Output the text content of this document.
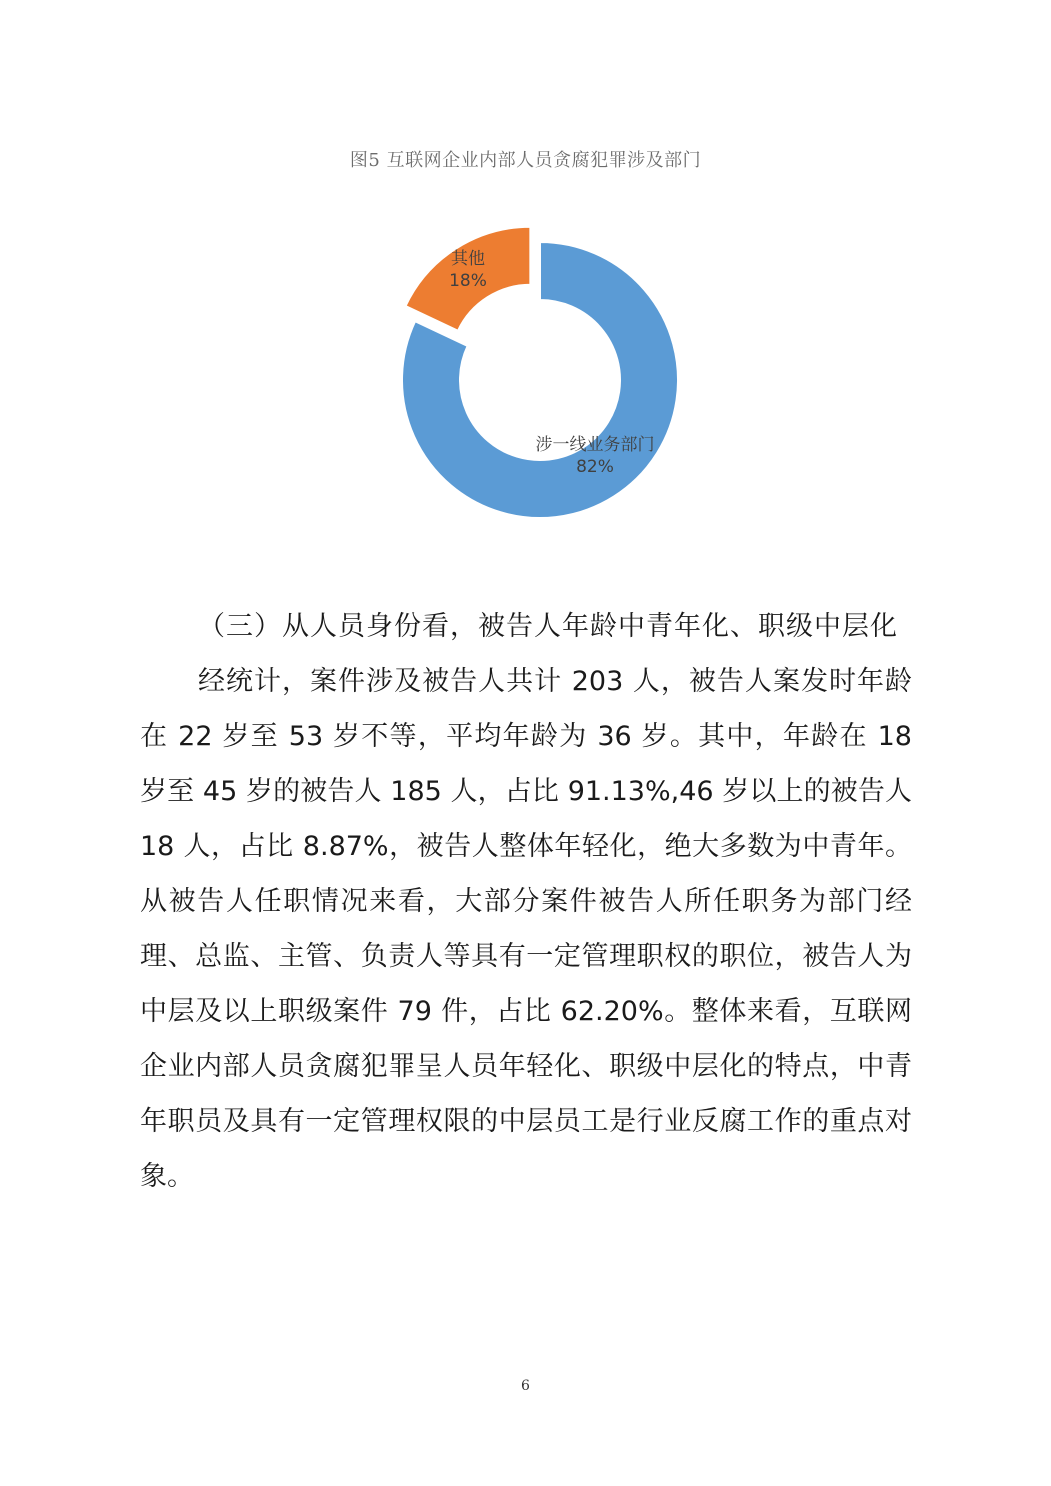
图5 互联网企业内部人员贪腐犯罪涉及部门
其他
18%
涉一线业务部门
82%
（三）从人员身份看，被告人年龄中青年化、职级中层化

经统计，案件涉及被告人共计 203 人，被告人案发时年龄在 22 岁至 53 岁不等，平均年龄为 36 岁。其中，年龄在 18 岁至 45 岁的被告人 185 人，占比 91.13%,46 岁以上的被告人 18 人，占比 8.87%，被告人整体年轻化，绝大多数为中青年。从被告人任职情况来看，大部分案件被告人所任职务为部门经理、总监、主管、负责人等具有一定管理职权的职位，被告人为中层及以上职级案件 79 件，占比 62.20%。整体来看，互联网企业内部人员贪腐犯罪呈人员年轻化、职级中层化的特点，中青年职员及具有一定管理权限的中层员工是行业反腐工作的重点对象。

6
